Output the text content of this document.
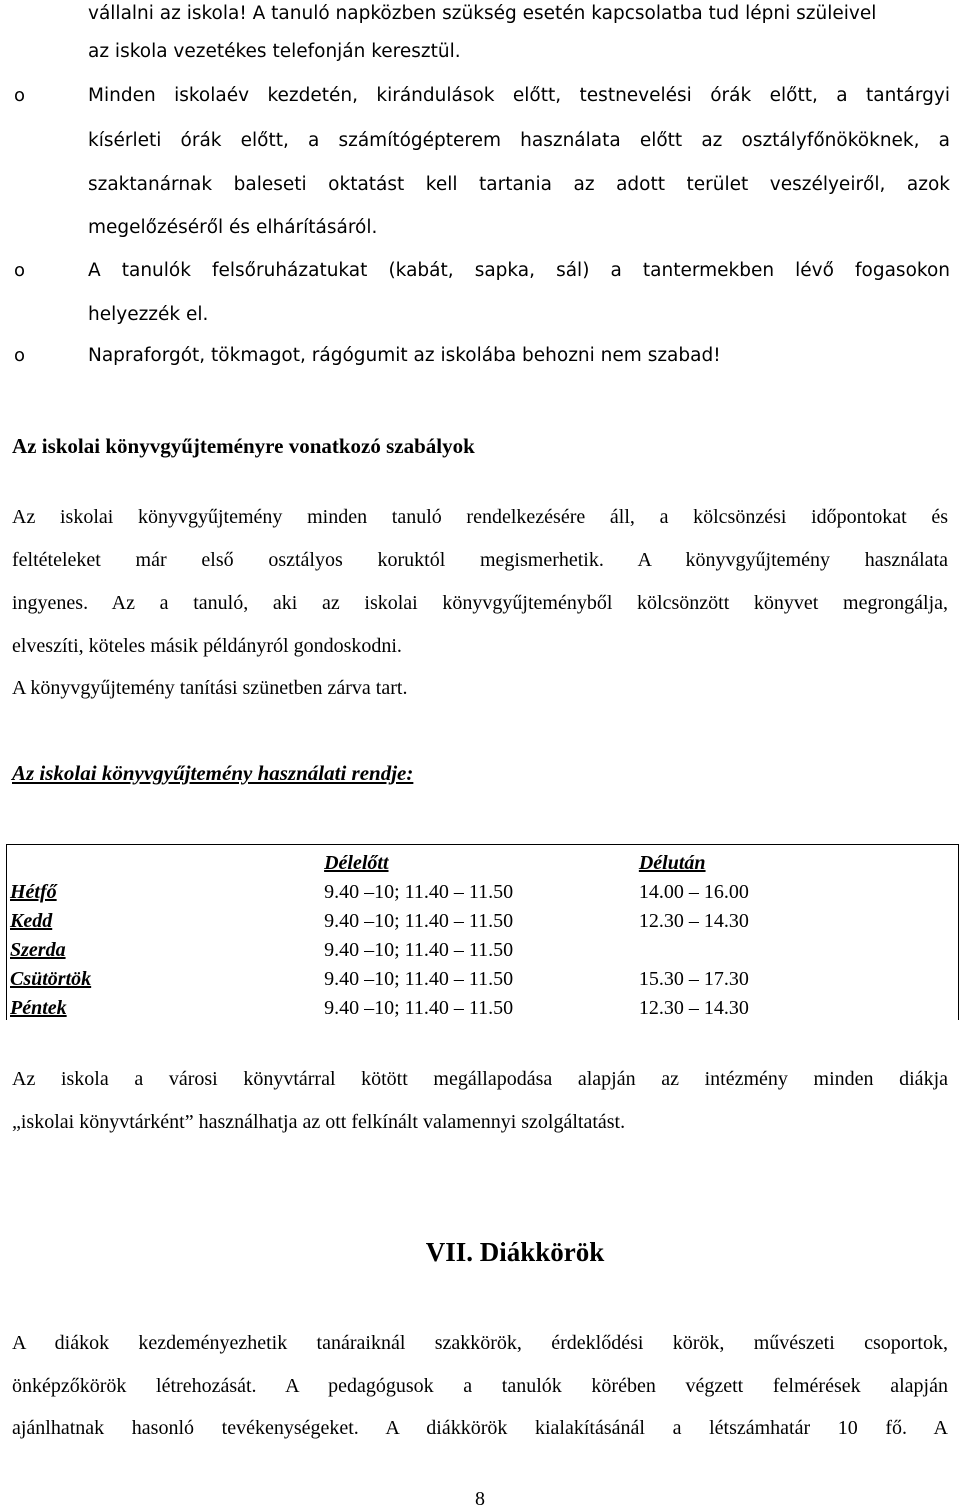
vállalni az iskola! A tanuló napközben szükség esetén kapcsolatba tud lépni szüleivel
az iskola vezetékes telefonján keresztül.
o	Minden iskolaév kezdetén, kirándulások előtt, testnevelési órák előtt, a tantárgyi
kísérleti órák előtt, a számítógépterem használata előtt az osztályfőnököknek, a
szaktanárnak baleseti oktatást kell tartania az adott terület veszélyeiről, azok
megelőzéséről és elhárításáról.
o	A tanulók felsőruházatukat (kabát, sapka, sál) a tantermekben lévő fogasokon
helyezzék el.
o	Napraforgót, tökmagot, rágógumit az iskolába behozni nem szabad!
Az iskolai könyvgyűjteményre vonatkozó szabályok
Az iskolai könyvgyűjtemény minden tanuló rendelkezésére áll, a kölcsönzési időpontokat és
feltételeket már első osztályos koruktól megismerhetik. A könyvgyűjtemény használata
ingyenes. Az a tanuló, aki az iskolai könyvgyűjteményből kölcsönzött könyvet megrongálja,
elveszíti, köteles másik példányról gondoskodni.
A könyvgyűjtemény tanítási szünetben zárva tart.
Az iskolai könyvgyűjtemény használati rendje:
	Délelőtt	Délután
Hétfő	9.40 –10; 11.40 – 11.50	14.00 – 16.00
Kedd	9.40 –10; 11.40 – 11.50	12.30 – 14.30
Szerda	9.40 –10; 11.40 – 11.50	
Csütörtök	9.40 –10; 11.40 – 11.50	15.30 – 17.30
Péntek	9.40 –10; 11.40 – 11.50	12.30 – 14.30
Az iskola a városi könyvtárral kötött megállapodása alapján az intézmény minden diákja
„iskolai könyvtárként” használhatja az ott felkínált valamennyi szolgáltatást.
VII. Diákkörök
A diákok kezdeményezhetik tanáraiknál szakkörök, érdeklődési körök, művészeti csoportok,
önképzőkörök létrehozását. A pedagógusok a tanulók körében végzett felmérések alapján
ajánlhatnak hasonló tevékenységeket. A diákkörök kialakításánál a létszámhatár 10 fő. A
8
